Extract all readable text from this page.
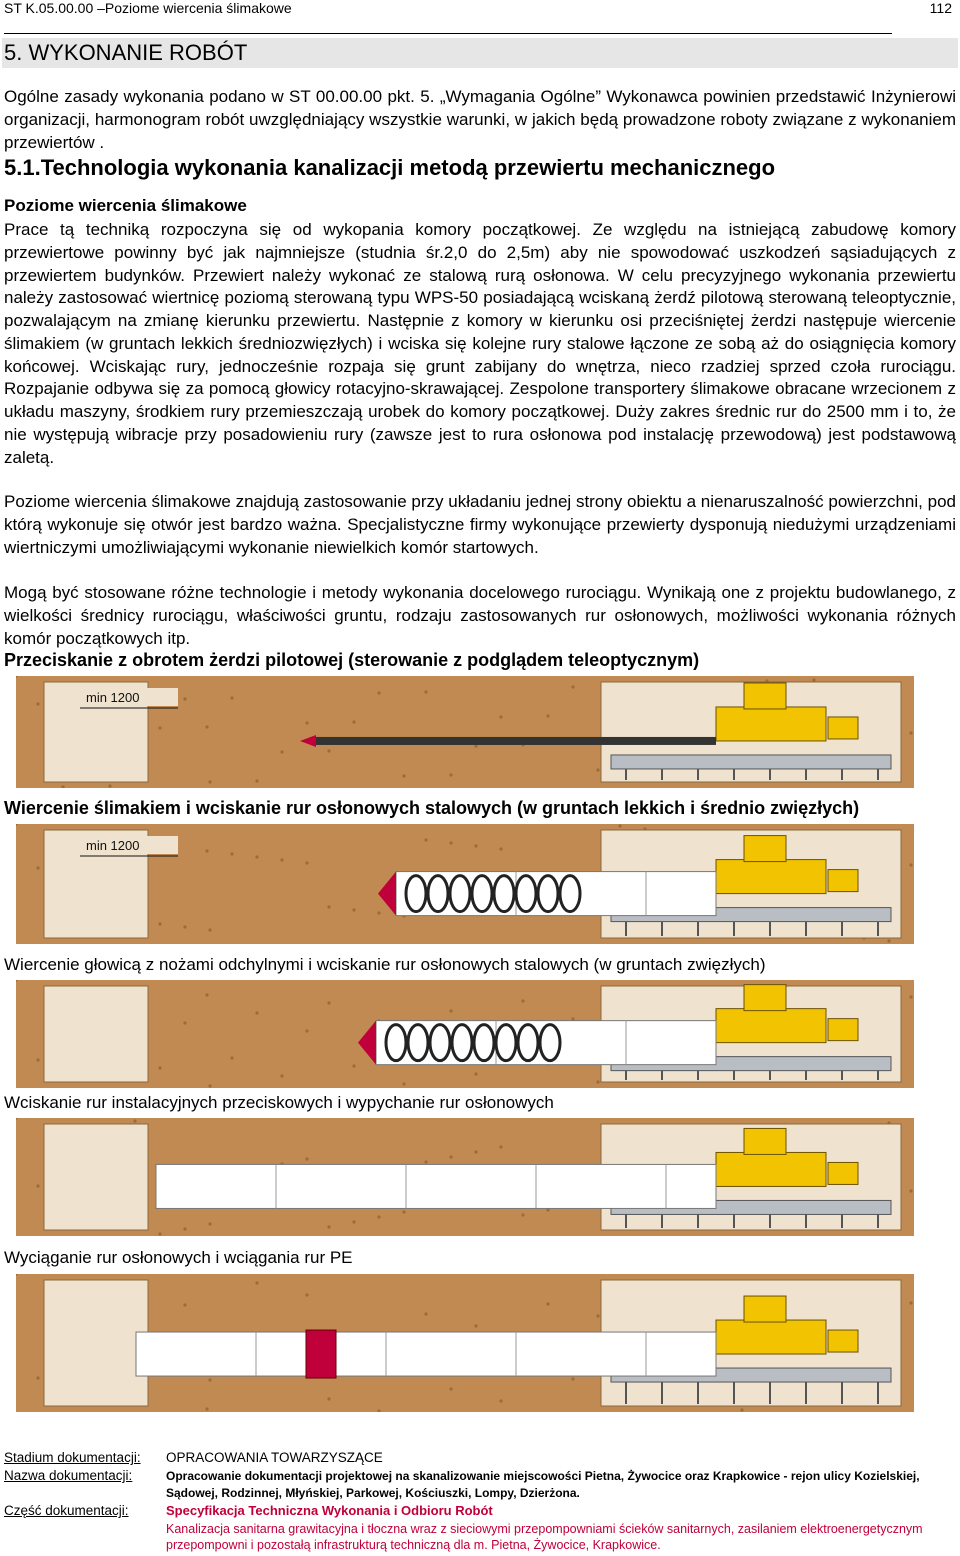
ST K.05.00.00 –Poziome wiercenia ślimakowe	112
5. WYKONANIE ROBÓT
Ogólne zasady wykonania podano w ST 00.00.00 pkt. 5. „Wymagania Ogólne” Wykonawca powinien przedstawić Inżynierowi organizacji, harmonogram robót uwzględniający wszystkie warunki, w jakich będą prowadzone roboty związane z wykonaniem przewiertów .
5.1.Technologia wykonania kanalizacji metodą przewiertu mechanicznego
Poziome wiercenia ślimakowe
Prace tą techniką rozpoczyna się od wykopania komory początkowej. Ze względu na istniejącą zabudowę komory przewiertowe powinny być jak najmniejsze (studnia śr.2,0 do 2,5m) aby nie spowodować uszkodzeń sąsiadujących z przewiertem budynków. Przewiert należy wykonać ze stalową rurą osłonowa. W celu precyzyjnego wykonania przewiertu należy zastosować wiertnicę poziomą sterowaną typu WPS-50 posiadającą wciskaną żerdź pilotową sterowaną teleoptycznie, pozwalającym na zmianę kierunku przewiertu. Następnie z komory w kierunku osi przeciśniętej żerdzi następuje wiercenie ślimakiem (w gruntach lekkich średniozwięzłych) i wciska się kolejne rury stalowe łączone ze sobą aż do osiągnięcia komory końcowej. Wciskając rury, jednocześnie rozpaja się grunt zabijany do wnętrza, nieco rzadziej sprzed czoła rurociągu. Rozpajanie odbywa się za pomocą głowicy rotacyjno-skrawającej. Zespolone transportery ślimakowe obracane wrzecionem z układu maszyny, środkiem rury przemieszczają urobek do komory początkowej. Duży zakres średnic rur do 2500 mm i to, że nie występują wibracje przy posadowieniu rury (zawsze jest to rura osłonowa pod instalację przewodową) jest podstawową zaletą.
Poziome wiercenia ślimakowe znajdują zastosowanie przy układaniu jednej strony obiektu a nienaruszalność powierzchni, pod którą wykonuje się otwór jest bardzo ważna. Specjalistyczne firmy wykonujące przewierty dysponują niedużymi urządzeniami wiertniczymi umożliwiającymi wykonanie niewielkich komór startowych.
Mogą być stosowane różne technologie i metody wykonania docelowego rurociągu. Wynikają one z projektu budowlanego, z wielkości średnicy rurociągu, właściwości gruntu, rodzaju zastosowanych rur osłonowych, możliwości wykonania różnych komór początkowych itp.
Przeciskanie z obrotem żerdzi pilotowej (sterowanie z podglądem teleoptycznym)
min 1200
Wiercenie ślimakiem i wciskanie rur osłonowych stalowych (w gruntach lekkich i średnio zwięzłych)
min 1200
Wiercenie głowicą z nożami odchylnymi i wciskanie rur osłonowych stalowych (w gruntach zwięzłych)
Wciskanie rur instalacyjnych przeciskowych i wypychanie rur osłonowych
Wyciąganie rur osłonowych i wciągania rur PE
Stadium dokumentacji: OPRACOWANIA TOWARZYSZĄCE
Nazwa dokumentacji:	Opracowanie dokumentacji projektowej na skanalizowanie miejscowości Pietna, Żywocice oraz Krapkowice - rejon ulicy Kozielskiej, Sądowej, Rodzinnej, Młyńskiej, Parkowej, Kościuszki, Lompy, Dzierżona.
Część dokumentacji:	Specyfikacja Techniczna Wykonania i Odbioru Robót
Kanalizacja sanitarna grawitacyjna i tłoczna wraz z sieciowymi przepompowniami ścieków sanitarnych, zasilaniem elektroenergetycznym przepompowni i pozostałą infrastrukturą techniczną dla m. Pietna, Żywocice, Krapkowice.
